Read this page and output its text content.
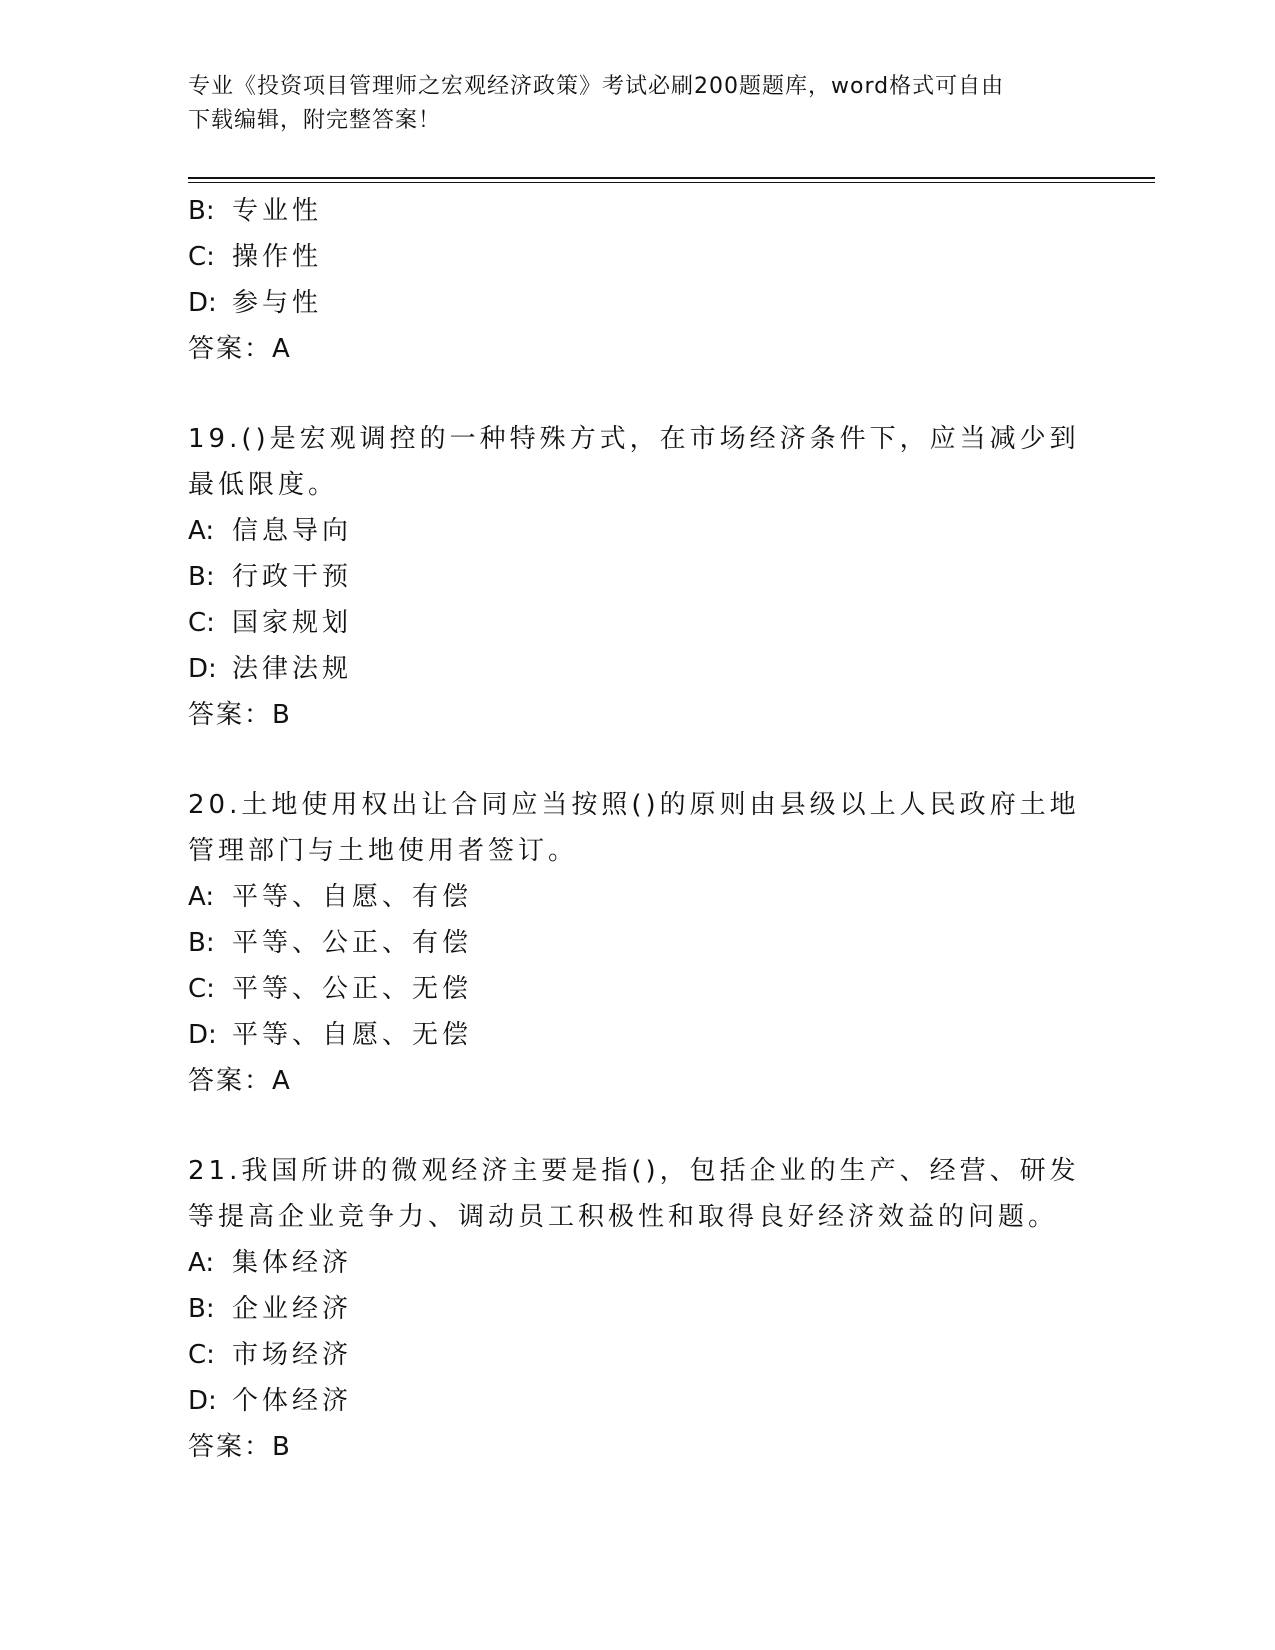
专业《投资项目管理师之宏观经济政策》考试必刷200题题库，word格式可自由
下载编辑，附完整答案！
B: 专业性
C: 操作性
D: 参与性
答案：A
19.()是宏观调控的一种特殊方式，在市场经济条件下，应当减少到最低限度。
A: 信息导向
B: 行政干预
C: 国家规划
D: 法律法规
答案：B
20.土地使用权出让合同应当按照()的原则由县级以上人民政府土地管理部门与土地使用者签订。
A: 平等、自愿、有偿
B: 平等、公正、有偿
C: 平等、公正、无偿
D: 平等、自愿、无偿
答案：A
21.我国所讲的微观经济主要是指()，包括企业的生产、经营、研发等提高企业竞争力、调动员工积极性和取得良好经济效益的问题。
A: 集体经济
B: 企业经济
C: 市场经济
D: 个体经济
答案：B
